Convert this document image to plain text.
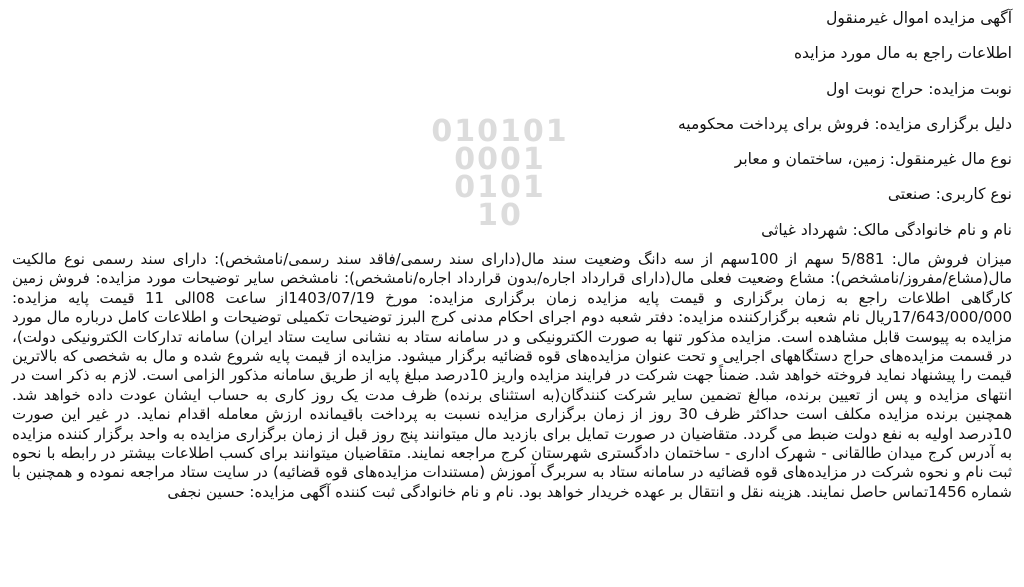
010101
0001
0101
10
آگهی مزایده اموال غیرمنقول
اطلاعات راجع به مال مورد مزایده
نوبت مزایده: حراج نوبت اول
دلیل برگزاری مزایده: فروش برای پرداخت محکومیه
نوع مال غیرمنقول: زمین، ساختمان و معابر
نوع کاربری: صنعتی
نام و نام خانوادگی مالک: شهرداد غیاثی
میزان فروش مال: 5/881 سهم از 100سهم از سه دانگ وضعیت سند مال(دارای سند رسمی/فاقد سند رسمی/نامشخص): دارای سند رسمی نوع مالکیت مال(مشاع/مفروز/نامشخص): مشاع وضعیت فعلی مال(دارای قرارداد اجاره/بدون قرارداد اجاره/نامشخص): نامشخص سایر توضیحات مورد مزایده: فروش زمین کارگاهی اطلاعات راجع به زمان برگزاری و قیمت پایه مزایده زمان برگزاری مزایده: مورخ 1403/07/19از ساعت 08الی 11 قیمت پایه مزایده: 17/643/000/000ریال نام شعبه برگزارکننده مزایده: دفتر شعبه دوم اجرای احکام مدنی کرج البرز توضیحات تکمیلی توضیحات و اطلاعات کامل درباره مال مورد مزایده به پیوست قابل مشاهده است. مزایده مذکور تنها به صورت الکترونیکی و در سامانه ستاد به نشانی سایت ستاد ایران) سامانه تدارکات الکترونیکی دولت)، در قسمت مزایده‌های حراج دستگاههای اجرایی و تحت عنوان مزایده‌های قوه قضائیه برگزار میشود. مزایده از قیمت پایه شروع شده و مال به شخصی که بالاترین قیمت را پیشنهاد نماید فروخته خواهد شد. ضمناً جهت شرکت در فرایند مزایده واریز 10درصد مبلغ پایه از طریق سامانه مذکور الزامی است. لازم به ذکر است در انتهای مزایده و پس از تعیین برنده، مبالغ تضمین سایر شرکت کنندگان(به استثنای برنده) ظرف مدت یک روز کاری به حساب ایشان عودت داده خواهد شد. همچنین برنده مزایده مکلف است حداکثر ظرف 30 روز از زمان برگزاری مزایده نسبت به پرداخت باقیمانده ارزش معامله اقدام نماید. در غیر این صورت 10درصد اولیه به نفع دولت ضبط می گردد. متقاضیان در صورت تمایل برای بازدید مال میتوانند پنج روز قبل از زمان برگزاری مزایده به واحد برگزار کننده مزایده به آدرس کرج میدان طالقانی - شهرک اداری - ساختمان دادگستری شهرستان کرج مراجعه نمایند. متقاضیان میتوانند برای کسب اطلاعات بیشتر در رابطه با نحوه ثبت نام و نحوه شرکت در مزایده‌های قوه قضائیه در سامانه ستاد به سربرگ آموزش (مستندات مزایده‌های قوه قضائیه) در سایت ستاد مراجعه نموده و همچنین با شماره 1456تماس حاصل نمایند. هزینه نقل و انتقال بر عهده خریدار خواهد بود. نام و نام خانوادگی ثبت کننده آگهی مزایده: حسین نجفی
